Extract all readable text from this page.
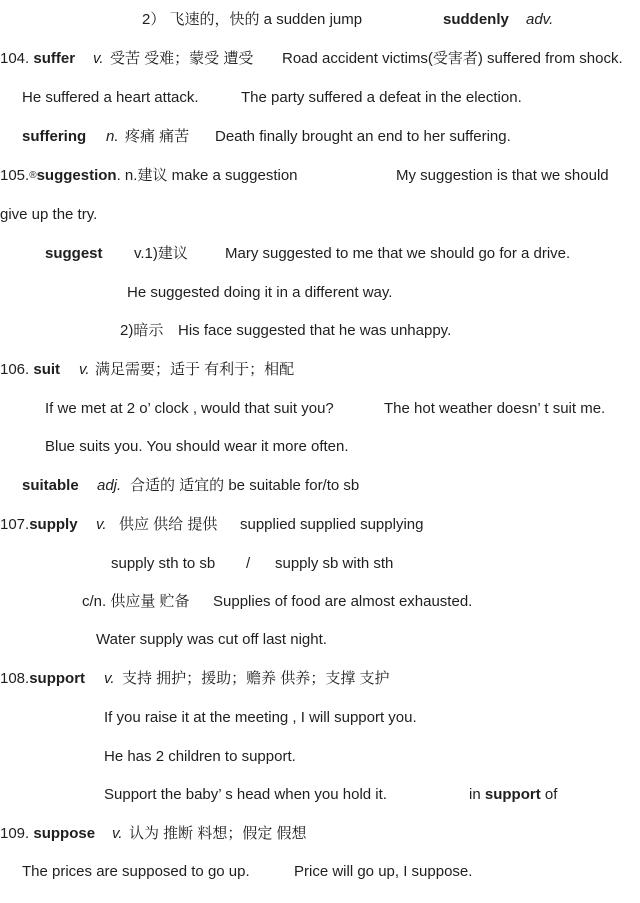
2） 飞速的，快的 a sudden jump	suddenly adv.
104. suffer v. 受苦 受难；蒙受 遭受 Road accident victims(受害者) suffered from shock.
He suffered a heart attack.	The party suffered a defeat in the election.
suffering n. 疼痛 痛苦 Death finally brought an end to her suffering.
105.®suggestion. n.建议 make a suggestion	My suggestion is that we should
give up the try.
suggest v.1)建议 Mary suggested to me that we should go for a drive.
He suggested doing it in a different way.
2)暗示 His face suggested that he was unhappy.
106. suit v. 满足需要；适于 有利于；相配
If we met at 2 o’ clock , would that suit you?	The hot weather doesn’ t suit me.
Blue suits you. You should wear it more often.
suitable adj. 合适的 适宜的 be suitable for/to sb
107.supply v. 供应 供给 提供 supplied supplied supplying
supply sth to sb / supply sb with sth
c/n. 供应量 贮备 Supplies of food are almost exhausted.
Water supply was cut off last night.
108.support v. 支持 拥护；援助；赡养 供养；支撑 支护
If you raise it at the meeting , I will support you.
He has 2 children to support.
Support the baby’ s head when you hold it.	in support of
109. suppose v. 认为 推断 料想；假定 假想
The prices are supposed to go up.	Price will go up, I suppose.
